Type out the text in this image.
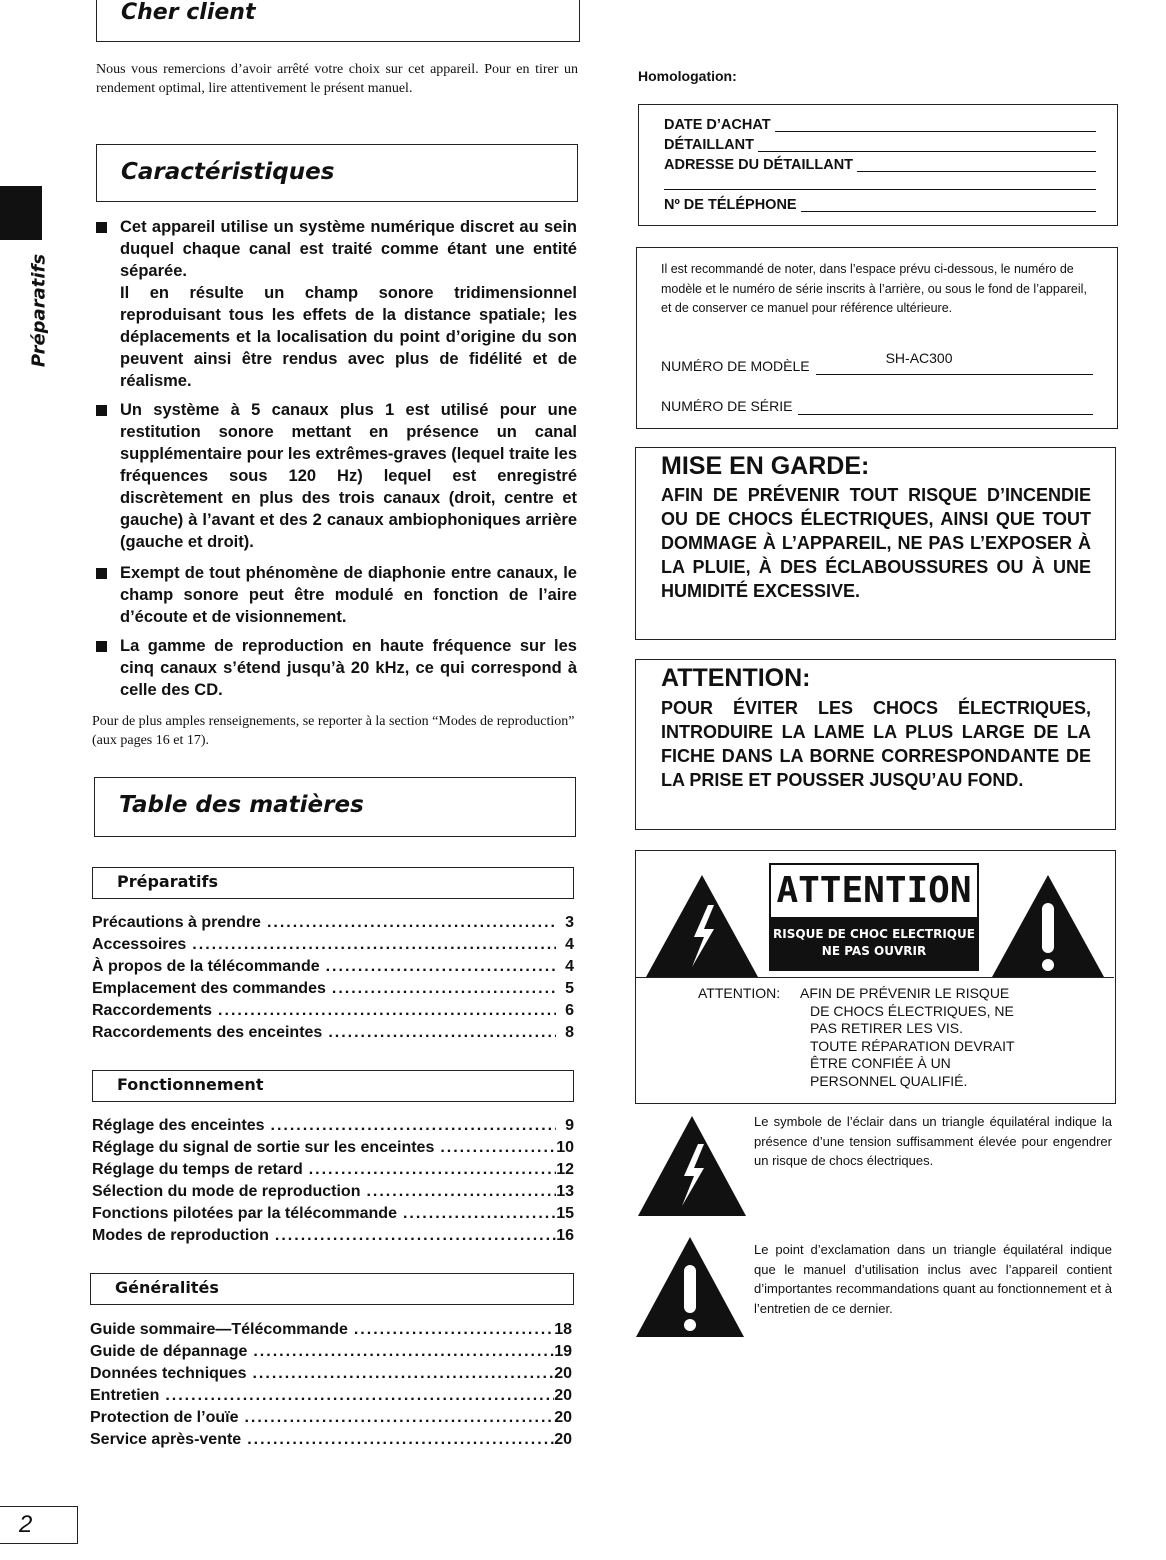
Cher client
Nous vous remercions d’avoir arrêté votre choix sur cet appareil. Pour en tirer un rendement optimal, lire attentivement le présent manuel.
Caractéristiques
Préparatifs
Cet appareil utilise un système numérique discret au sein duquel chaque canal est traité comme étant une entité séparée.
Il en résulte un champ sonore tridimensionnel reproduisant tous les effets de la distance spatiale; les déplacements et la localisation du point d’origine du son peuvent ainsi être rendus avec plus de fidélité et de réalisme.
Un système à 5 canaux plus 1 est utilisé pour une restitution sonore mettant en présence un canal supplémentaire pour les extrêmes-graves (lequel traite les fréquences sous 120 Hz) lequel est enregistré discrètement en plus des trois canaux (droit, centre et gauche) à l’avant et des 2 canaux ambiophoniques arrière (gauche et droit).
Exempt de tout phénomène de diaphonie entre canaux, le champ sonore peut être modulé en fonction de l’aire d’écoute et de visionnement.
La gamme de reproduction en haute fréquence sur les cinq canaux s’étend jusqu’à 20 kHz, ce qui correspond à celle des CD.
Pour de plus amples renseignements, se reporter à la section “Modes de reproduction” (aux pages 16 et 17).
Table des matières
Préparatifs
Précautions à prendre .....	3
Accessoires .....	4
À propos de la télécommande .....	4
Emplacement des commandes .....	5
Raccordements .....	6
Raccordements des enceintes .....	8
Fonctionnement
Réglage des enceintes .....	9
Réglage du signal de sortie sur les enceintes .....	10
Réglage du temps de retard .....	12
Sélection du mode de reproduction .....	13
Fonctions pilotées par la télécommande .....	15
Modes de reproduction .....	16
Généralités
Guide sommaire—Télécommande .....	18
Guide de dépannage .....	19
Données techniques .....	20
Entretien .....	20
Protection de l’ouïe .....	20
Service après-vente .....	20
2
Homologation:
DATE D’ACHAT
DÉTAILLANT
ADRESSE DU DÉTAILLANT
Nº DE TÉLÉPHONE
Il est recommandé de noter, dans l’espace prévu ci-dessous, le numéro de modèle et le numéro de série inscrits à l’arrière, ou sous le fond de l’appareil, et de conserver ce manuel pour référence ultérieure.
NUMÉRO DE MODÈLE	SH-AC300
NUMÉRO DE SÉRIE
MISE EN GARDE:
AFIN DE PRÉVENIR TOUT RISQUE D’INCENDIE OU DE CHOCS ÉLECTRIQUES, AINSI QUE TOUT DOMMAGE À L’APPAREIL, NE PAS L’EXPOSER À LA PLUIE, À DES ÉCLABOUSSURES OU À UNE HUMIDITÉ EXCESSIVE.
ATTENTION:
POUR ÉVITER LES CHOCS ÉLECTRIQUES, INTRODUIRE LA LAME LA PLUS LARGE DE LA FICHE DANS LA BORNE CORRESPONDANTE DE LA PRISE ET POUSSER JUSQU’AU FOND.
ATTENTION
RISQUE DE CHOC ELECTRIQUE
NE PAS OUVRIR
ATTENTION: AFIN DE PRÉVENIR LE RISQUE
DE CHOCS ÉLECTRIQUES, NE
PAS RETIRER LES VIS.
TOUTE RÉPARATION DEVRAIT
ÊTRE CONFIÉE À UN
PERSONNEL QUALIFIÉ.
Le symbole de l’éclair dans un triangle équilatéral indique la présence d’une tension suffisamment élevée pour engendrer un risque de chocs électriques.
Le point d’exclamation dans un triangle équilatéral indique que le manuel d’utilisation inclus avec l’appareil contient d’importantes recommandations quant au fonctionnement et à l’entretien de ce dernier.
